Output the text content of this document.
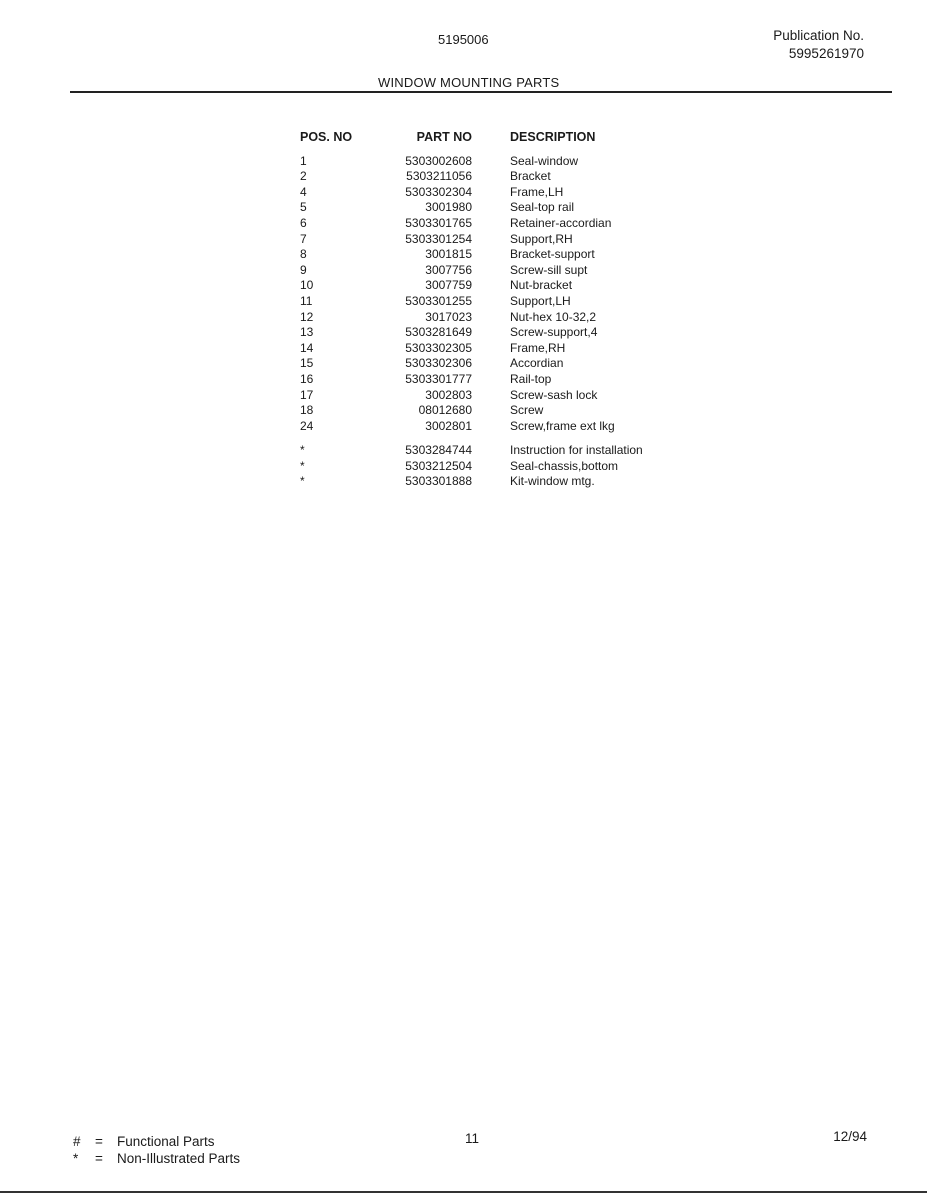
5195006	Publication No.
5995261970
WINDOW MOUNTING PARTS
POS. NO	PART NO	DESCRIPTION
1	5303002608	Seal-window
2	5303211056	Bracket
4	5303302304	Frame,LH
5	3001980	Seal-top rail
6	5303301765	Retainer-accordian
7	5303301254	Support,RH
8	3001815	Bracket-support
9	3007756	Screw-sill supt
10	3007759	Nut-bracket
11	5303301255	Support,LH
12	3017023	Nut-hex 10-32,2
13	5303281649	Screw-support,4
14	5303302305	Frame,RH
15	5303302306	Accordian
16	5303301777	Rail-top
17	3002803	Screw-sash lock
18	08012680	Screw
24	3002801	Screw,frame ext lkg
*	5303284744	Instruction for installation
*	5303212504	Seal-chassis,bottom
*	5303301888	Kit-window mtg.
#	=	Functional Parts
*	=	Non-Illustrated Parts
11	12/94
